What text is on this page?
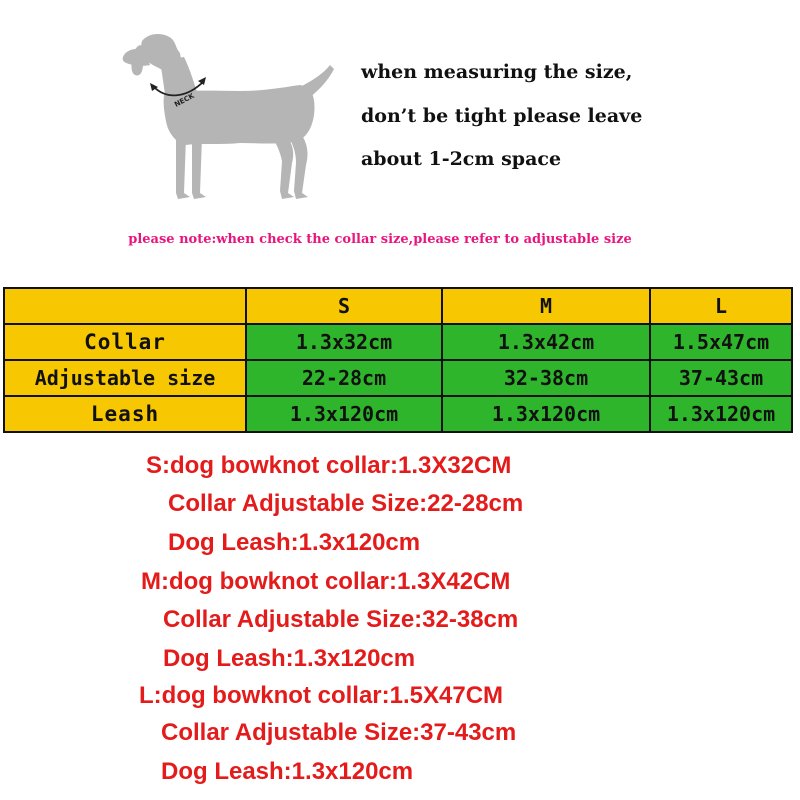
NECK
when measuring the size,
don’t be tight please leave
about 1-2cm space
please note:when check the collar size,please refer to adjustable size
	S	M	L
Collar	1.3x32cm	1.3x42cm	1.5x47cm
Adjustable size	22-28cm	32-38cm	37-43cm
Leash	1.3x120cm	1.3x120cm	1.3x120cm
S:dog bowknot collar:1.3X32CM
Collar Adjustable Size:22-28cm
Dog Leash:1.3x120cm
M:dog bowknot collar:1.3X42CM
Collar Adjustable Size:32-38cm
Dog Leash:1.3x120cm
L:dog bowknot collar:1.5X47CM
Collar Adjustable Size:37-43cm
Dog Leash:1.3x120cm
